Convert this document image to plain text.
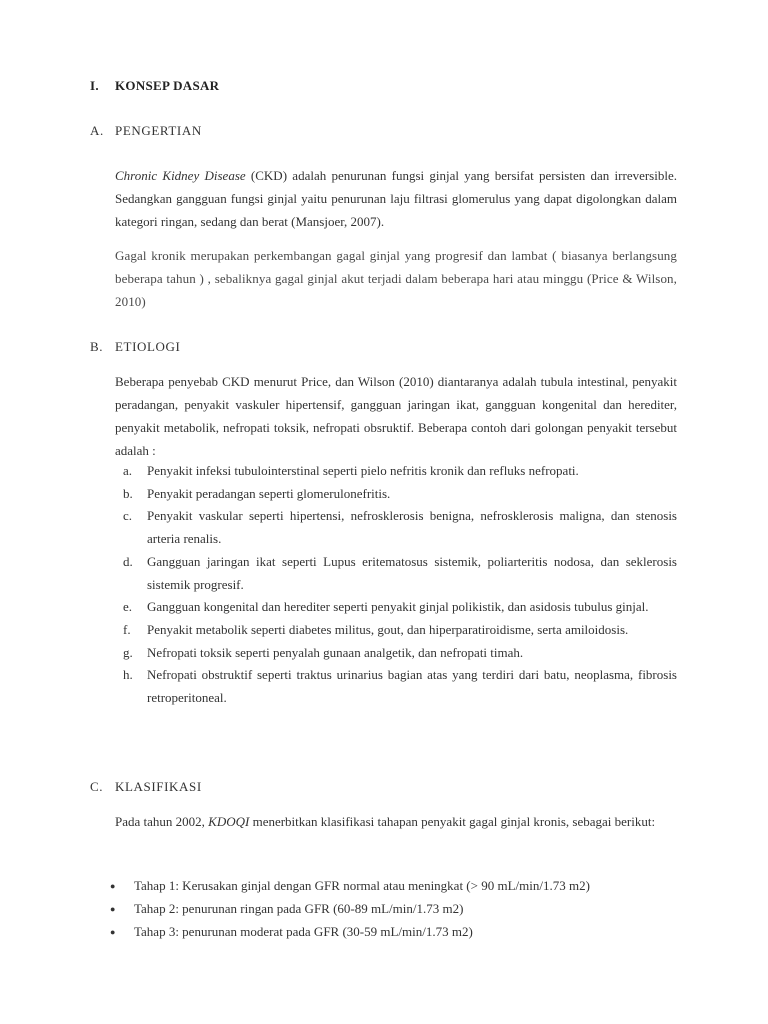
I. KONSEP DASAR
A. PENGERTIAN

Chronic Kidney Disease (CKD) adalah penurunan fungsi ginjal yang bersifat persisten dan irreversible. Sedangkan gangguan fungsi ginjal yaitu penurunan laju filtrasi glomerulus yang dapat digolongkan dalam kategori ringan, sedang dan berat (Mansjoer, 2007).

Gagal kronik merupakan perkembangan gagal ginjal yang progresif dan lambat ( biasanya berlangsung beberapa tahun ) , sebaliknya gagal ginjal akut terjadi dalam beberapa hari atau minggu (Price & Wilson, 2010)

B. ETIOLOGI

Beberapa penyebab CKD menurut Price, dan Wilson (2010) diantaranya adalah tubula intestinal, penyakit peradangan, penyakit vaskuler hipertensif, gangguan jaringan ikat, gangguan kongenital dan herediter, penyakit metabolik, nefropati toksik, nefropati obsruktif. Beberapa contoh dari golongan penyakit tersebut adalah :

a.	Penyakit infeksi tubulointerstinal seperti pielo nefritis kronik dan refluks nefropati.
b.	Penyakit peradangan seperti glomerulonefritis.
c.	Penyakit vaskular seperti hipertensi, nefrosklerosis benigna, nefrosklerosis maligna, dan stenosis arteria renalis.
d.	Gangguan jaringan ikat seperti Lupus eritematosus sistemik, poliarteritis nodosa, dan seklerosis sistemik progresif.
e.	Gangguan kongenital dan herediter seperti penyakit ginjal polikistik, dan asidosis tubulus ginjal.
f.	Penyakit metabolik seperti diabetes militus, gout, dan hiperparatiroidisme, serta amiloidosis.
g.	Nefropati toksik seperti penyalah gunaan analgetik, dan nefropati timah.
h.	Nefropati obstruktif seperti traktus urinarius bagian atas yang terdiri dari batu, neoplasma, fibrosis retroperitoneal.
C. KLASIFIKASI

Pada tahun 2002, KDOQI menerbitkan klasifikasi tahapan penyakit gagal ginjal kronis, sebagai berikut:

●	Tahap 1: Kerusakan ginjal dengan GFR normal atau meningkat (> 90 mL/min/1.73 m2)
●	Tahap 2: penurunan ringan pada GFR (60-89 mL/min/1.73 m2)
●	Tahap 3: penurunan moderat pada GFR (30-59 mL/min/1.73 m2)
